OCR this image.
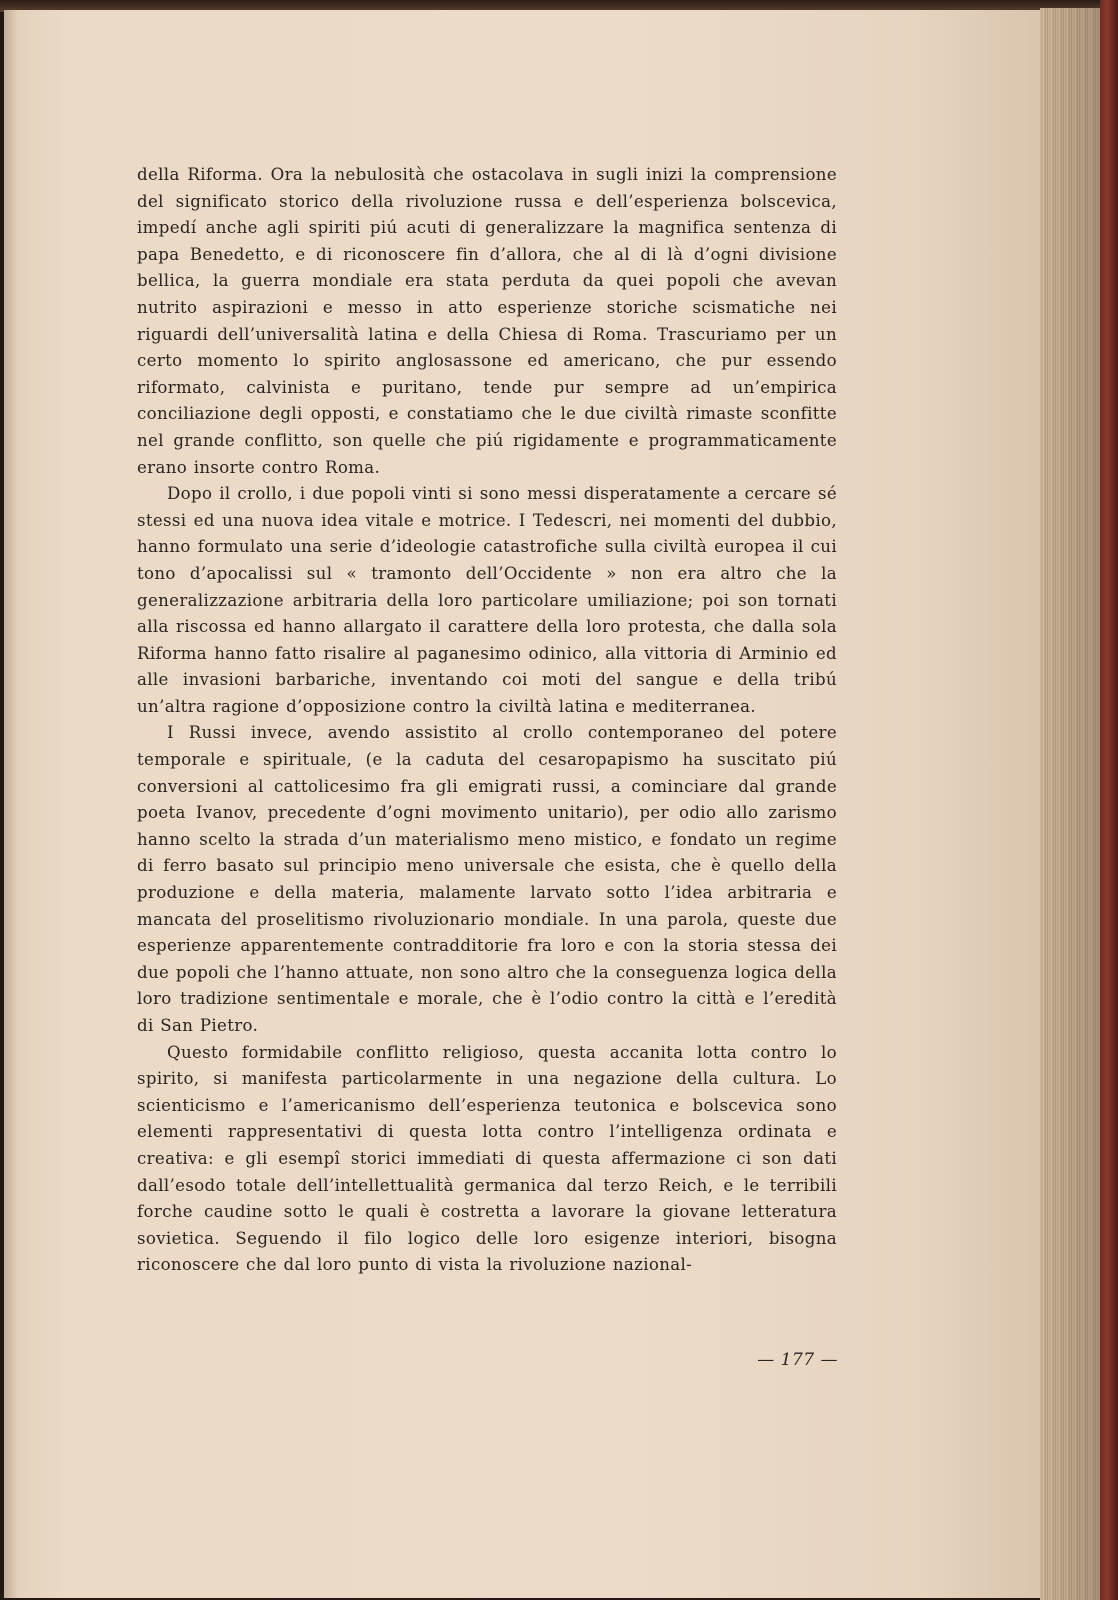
della Riforma. Ora la nebulosità che ostacolava in sugli inizi la comprensione del significato storico della rivoluzione russa e dell’esperienza bolscevica, impedí anche agli spiriti piú acuti di generalizzare la magnifica sentenza di papa Benedetto, e di riconoscere fin d’allora, che al di là d’ogni divisione bellica, la guerra mondiale era stata perduta da quei popoli che avevan nutrito aspirazioni e messo in atto esperienze storiche scismatiche nei riguardi dell’universalità latina e della Chiesa di Roma. Trascuriamo per un certo momento lo spirito anglosassone ed americano, che pur essendo riformato, calvinista e puritano, tende pur sempre ad un’empirica conciliazione degli opposti, e constatiamo che le due civiltà rimaste sconfitte nel grande conflitto, son quelle che piú rigidamente e programmaticamente erano insorte contro Roma.

Dopo il crollo, i due popoli vinti si sono messi disperatamente a cercare sé stessi ed una nuova idea vitale e motrice. I Tedescri, nei momenti del dubbio, hanno formulato una serie d’ideologie catastrofiche sulla civiltà europea il cui tono d’apocalissi sul « tramonto dell’Occidente » non era altro che la generalizzazione arbitraria della loro particolare umiliazione; poi son tornati alla riscossa ed hanno allargato il carattere della loro protesta, che dalla sola Riforma hanno fatto risalire al paganesimo odinico, alla vittoria di Arminio ed alle invasioni barbariche, inventando coi moti del sangue e della tribú un’altra ragione d’opposizione contro la civiltà latina e mediterranea.

I Russi invece, avendo assistito al crollo contemporaneo del potere temporale e spirituale, (e la caduta del cesaropapismo ha suscitato piú conversioni al cattolicesimo fra gli emigrati russi, a cominciare dal grande poeta Ivanov, precedente d’ogni movimento unitario), per odio allo zarismo hanno scelto la strada d’un materialismo meno mistico, e fondato un regime di ferro basato sul principio meno universale che esista, che è quello della produzione e della materia, malamente larvato sotto l’idea arbitraria e mancata del proselitismo rivoluzionario mondiale. In una parola, queste due esperienze apparentemente contradditorie fra loro e con la storia stessa dei due popoli che l’hanno attuate, non sono altro che la conseguenza logica della loro tradizione sentimentale e morale, che è l’odio contro la città e l’eredità di San Pietro.

Questo formidabile conflitto religioso, questa accanita lotta contro lo spirito, si manifesta particolarmente in una negazione della cultura. Lo scienticismo e l’americanismo dell’esperienza teutonica e bolscevica sono elementi rappresentativi di questa lotta contro l’intelligenza ordinata e creativa: e gli esempî storici immediati di questa affermazione ci son dati dall’esodo totale dell’intellettualità germanica dal terzo Reich, e le terribili forche caudine sotto le quali è costretta a lavorare la giovane letteratura sovietica. Seguendo il filo logico delle loro esigenze interiori, bisogna riconoscere che dal loro punto di vista la rivoluzione nazional-

— 177 —
